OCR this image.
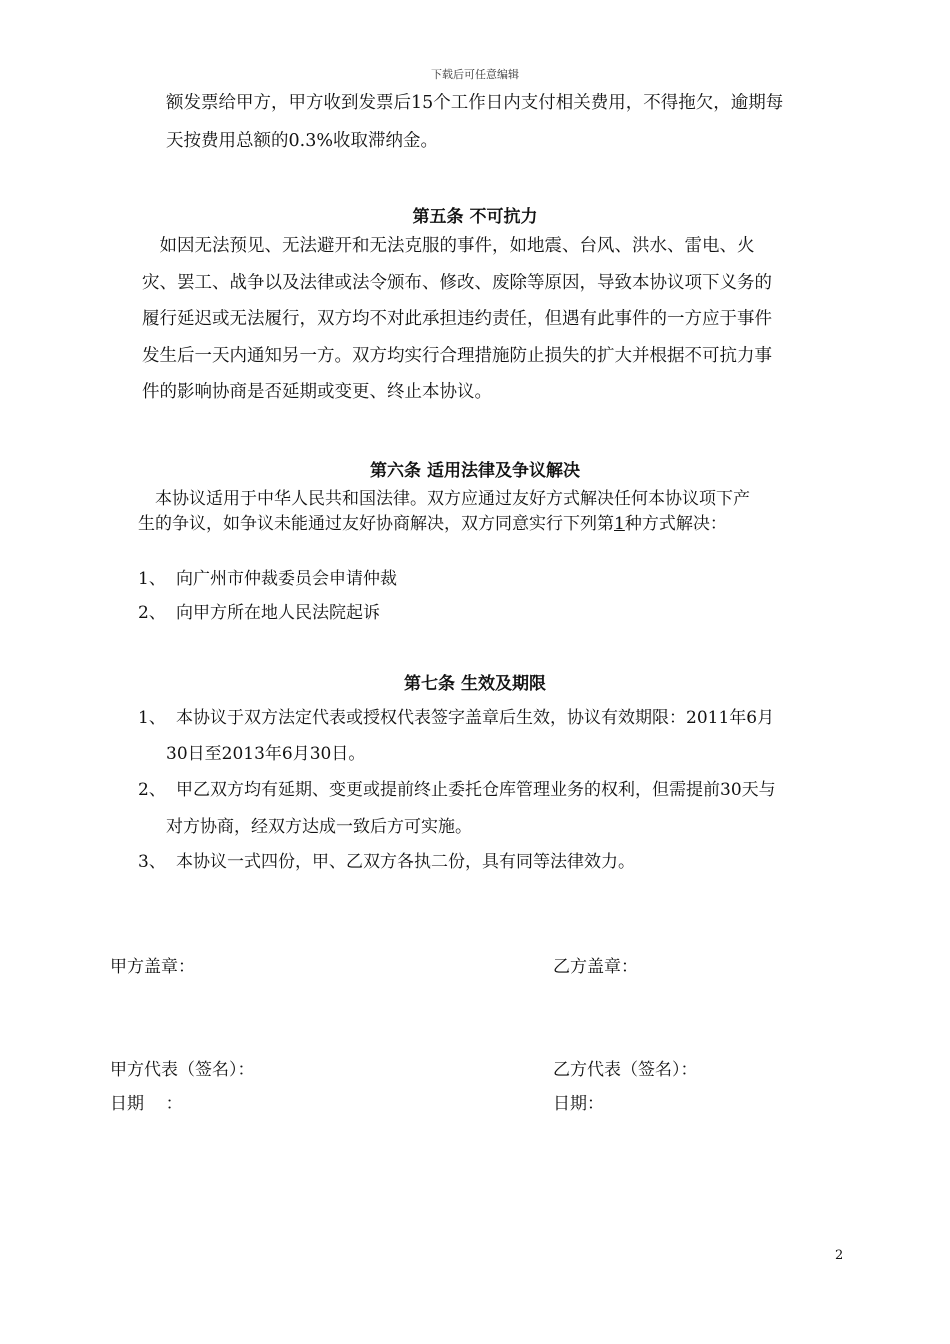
下载后可任意编辑
额发票给甲方，甲方收到发票后15个工作日内支付相关费用，不得拖欠，逾期每
天按费用总额的0.3%收取滞纳金。
第五条 不可抗力
　如因无法预见、无法避开和无法克服的事件，如地震、台风、洪水、雷电、火
灾、罢工、战争以及法律或法令颁布、修改、废除等原因，导致本协议项下义务的
履行延迟或无法履行，双方均不对此承担违约责任，但遇有此事件的一方应于事件
发生后一天内通知另一方。双方均实行合理措施防止损失的扩大并根据不可抗力事
件的影响协商是否延期或变更、终止本协议。
第六条 适用法律及争议解决
　本协议适用于中华人民共和国法律。双方应通过友好方式解决任何本协议项下产
生的争议，如争议未能通过友好协商解决，双方同意实行下列第1种方式解决：
1、 向广州市仲裁委员会申请仲裁
2、 向甲方所在地人民法院起诉
第七条 生效及期限
1、 本协议于双方法定代表或授权代表签字盖章后生效，协议有效期限：2011年6月
30日至2013年6月30日。
2、 甲乙双方均有延期、变更或提前终止委托仓库管理业务的权利，但需提前30天与
对方协商，经双方达成一致后方可实施。
3、 本协议一式四份，甲、乙双方各执二份，具有同等法律效力。
甲方盖章：	乙方盖章：
甲方代表（签名）：	乙方代表（签名）：
日期    ：	日期：
2
